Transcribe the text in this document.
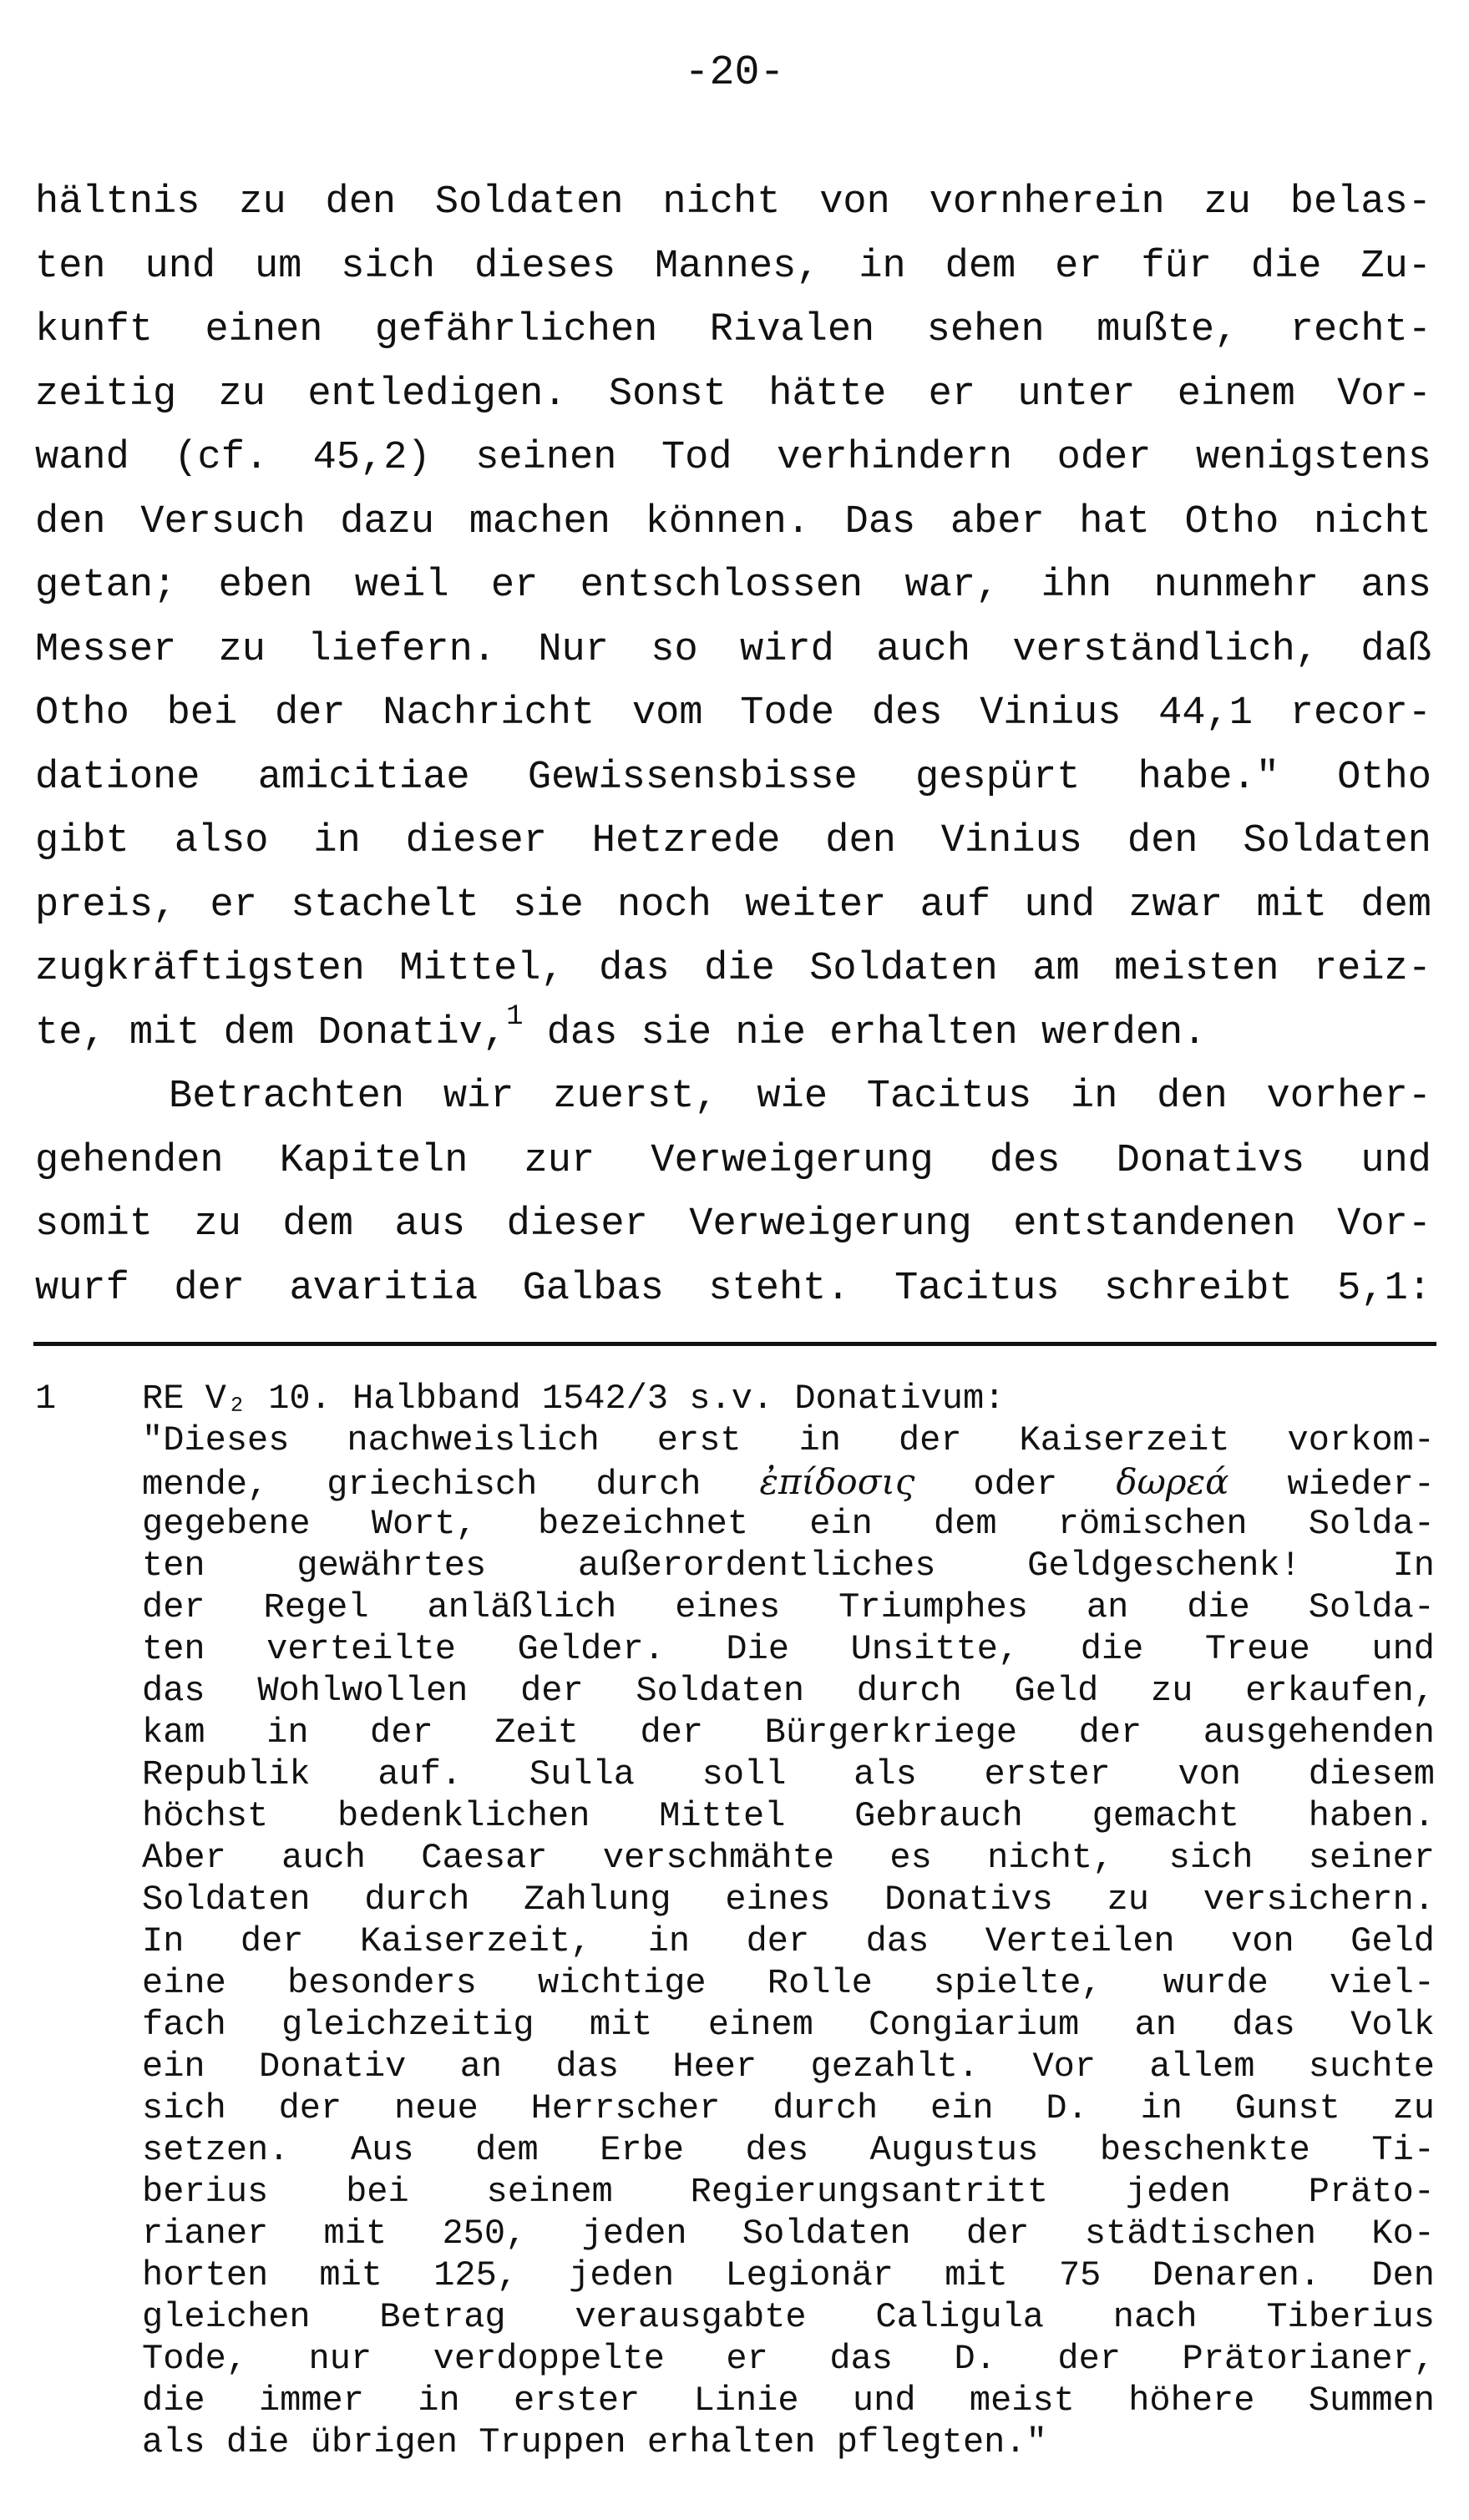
-20-
hältnis zu den Soldaten nicht von vornherein zu belas-
ten und um sich dieses Mannes, in dem er für die Zu-
kunft einen gefährlichen Rivalen sehen mußte, recht-
zeitig zu entledigen. Sonst hätte er unter einem Vor-
wand (cf. 45,2) seinen Tod verhindern oder wenigstens
den Versuch dazu machen können. Das aber hat Otho nicht
getan; eben weil er entschlossen war, ihn nunmehr ans
Messer zu liefern. Nur so wird auch verständlich, daß
Otho bei der Nachricht vom Tode des Vinius 44,1 recor-
datione amicitiae Gewissensbisse gespürt habe." Otho
gibt also in dieser Hetzrede den Vinius den Soldaten
preis, er stachelt sie noch weiter auf und zwar mit dem
zugkräftigsten Mittel, das die Soldaten am meisten reiz-
te, mit dem Donativ,$^1$ das sie nie erhalten werden.
Betrachten wir zuerst, wie Tacitus in den vorher-
gehenden Kapiteln zur Verweigerung des Donativs und
somit zu dem aus dieser Verweigerung entstandenen Vor-
wurf der avaritia Galbas steht. Tacitus schreibt 5,1:
1 RE V₂ 10. Halbband 1542/3 s.v. Donativum:
"Dieses nachweislich erst in der Kaiserzeit vorkom-
mende, griechisch durch ἐπίδοσις oder δωρεά wieder-
gegebene Wort, bezeichnet ein dem römischen Solda-
ten gewährtes außerordentliches Geldgeschenk! In
der Regel anläßlich eines Triumphes an die Solda-
ten verteilte Gelder. Die Unsitte, die Treue und
das Wohlwollen der Soldaten durch Geld zu erkaufen,
kam in der Zeit der Bürgerkriege der ausgehenden
Republik auf. Sulla soll als erster von diesem
höchst bedenklichen Mittel Gebrauch gemacht haben.
Aber auch Caesar verschmähte es nicht, sich seiner
Soldaten durch Zahlung eines Donativs zu versichern.
In der Kaiserzeit, in der das Verteilen von Geld
eine besonders wichtige Rolle spielte, wurde viel-
fach gleichzeitig mit einem Congiarium an das Volk
ein Donativ an das Heer gezahlt. Vor allem suchte
sich der neue Herrscher durch ein D. in Gunst zu
setzen. Aus dem Erbe des Augustus beschenkte Ti-
berius bei seinem Regierungsantritt jeden Präto-
rianer mit 250, jeden Soldaten der städtischen Ko-
horten mit 125, jeden Legionär mit 75 Denaren. Den
gleichen Betrag verausgabte Caligula nach Tiberius
Tode, nur verdoppelte er das D. der Prätorianer,
die immer in erster Linie und meist höhere Summen
als die übrigen Truppen erhalten pflegten."
